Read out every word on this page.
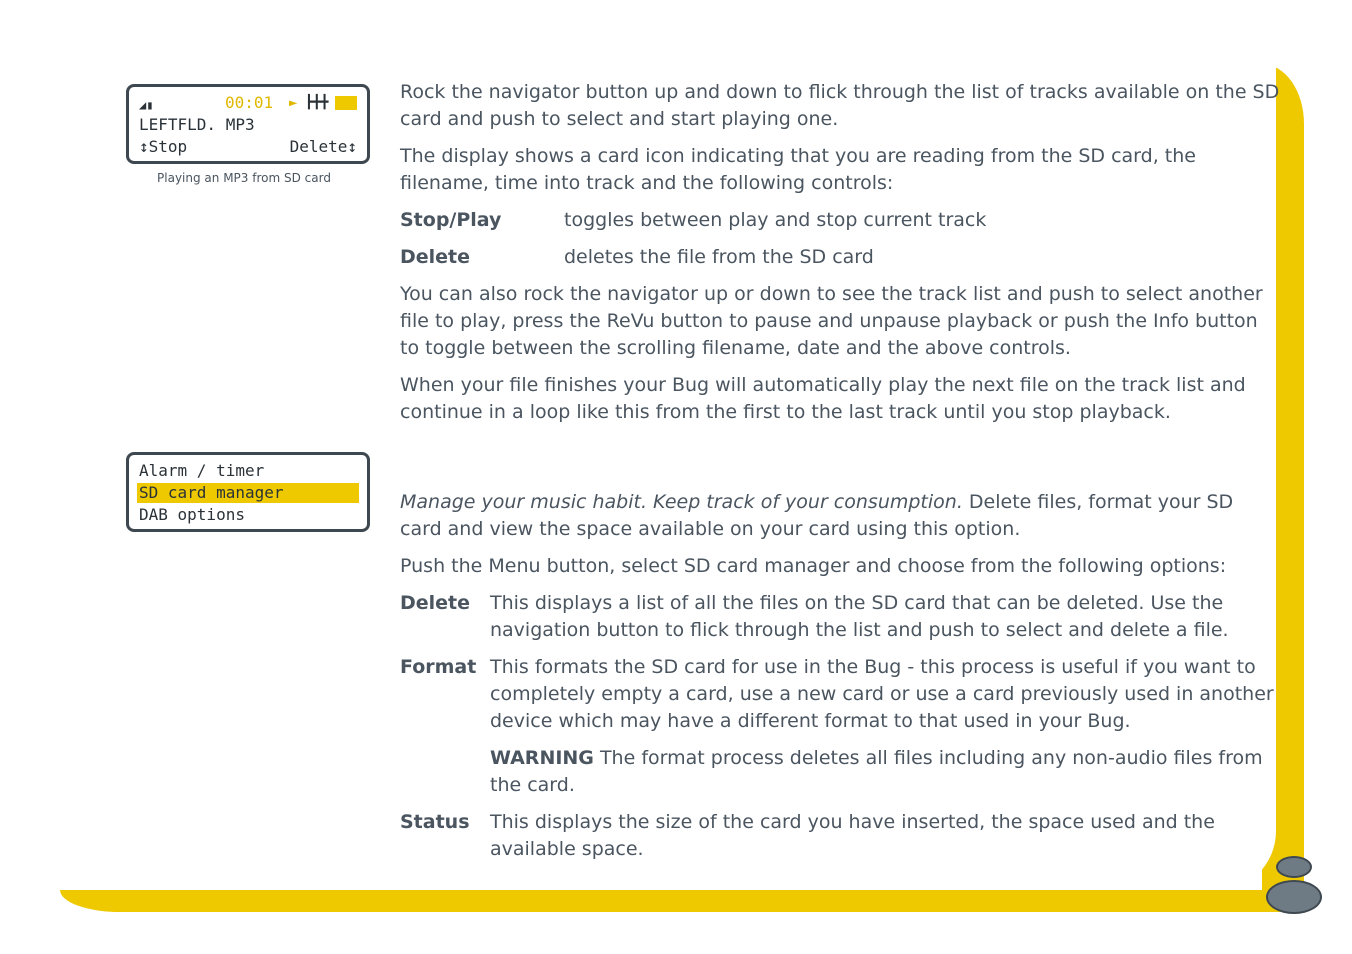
◢▮	00:01 ► ┣╋╋
LEFTFLD. MP3
↕Stop	Delete↕
Playing an MP3 from SD card
Alarm / timer
SD card manager
DAB options

Rock the navigator button up and down to flick through the list of tracks available on the SD card and push to select and start playing one.

The display shows a card icon indicating that you are reading from the SD card, the filename, time into track and the following controls:

Stop/Play	toggles between play and stop current track
Delete	deletes the file from the SD card

You can also rock the navigator up or down to see the track list and push to select another file to play, press the ReVu button to pause and unpause playback or push the Info button to toggle between the scrolling filename, date and the above controls.

When your file finishes your Bug will automatically play the next file on the track list and continue in a loop like this from the first to the last track until you stop playback.

Manage your music habit. Keep track of your consumption. Delete files, format your SD card and view the space available on your card using this option.

Push the Menu button, select SD card manager and choose from the following options:

Delete This displays a list of all the files on the SD card that can be deleted. Use the navigation button to flick through the list and push to select and delete a file.
Format This formats the SD card for use in the Bug - this process is useful if you want to completely empty a card, use a new card or use a card previously used in another device which may have a different format to that used in your Bug.
WARNING The format process deletes all files including any non-audio files from the card.
Status This displays the size of the card you have inserted, the space used and the available space.
